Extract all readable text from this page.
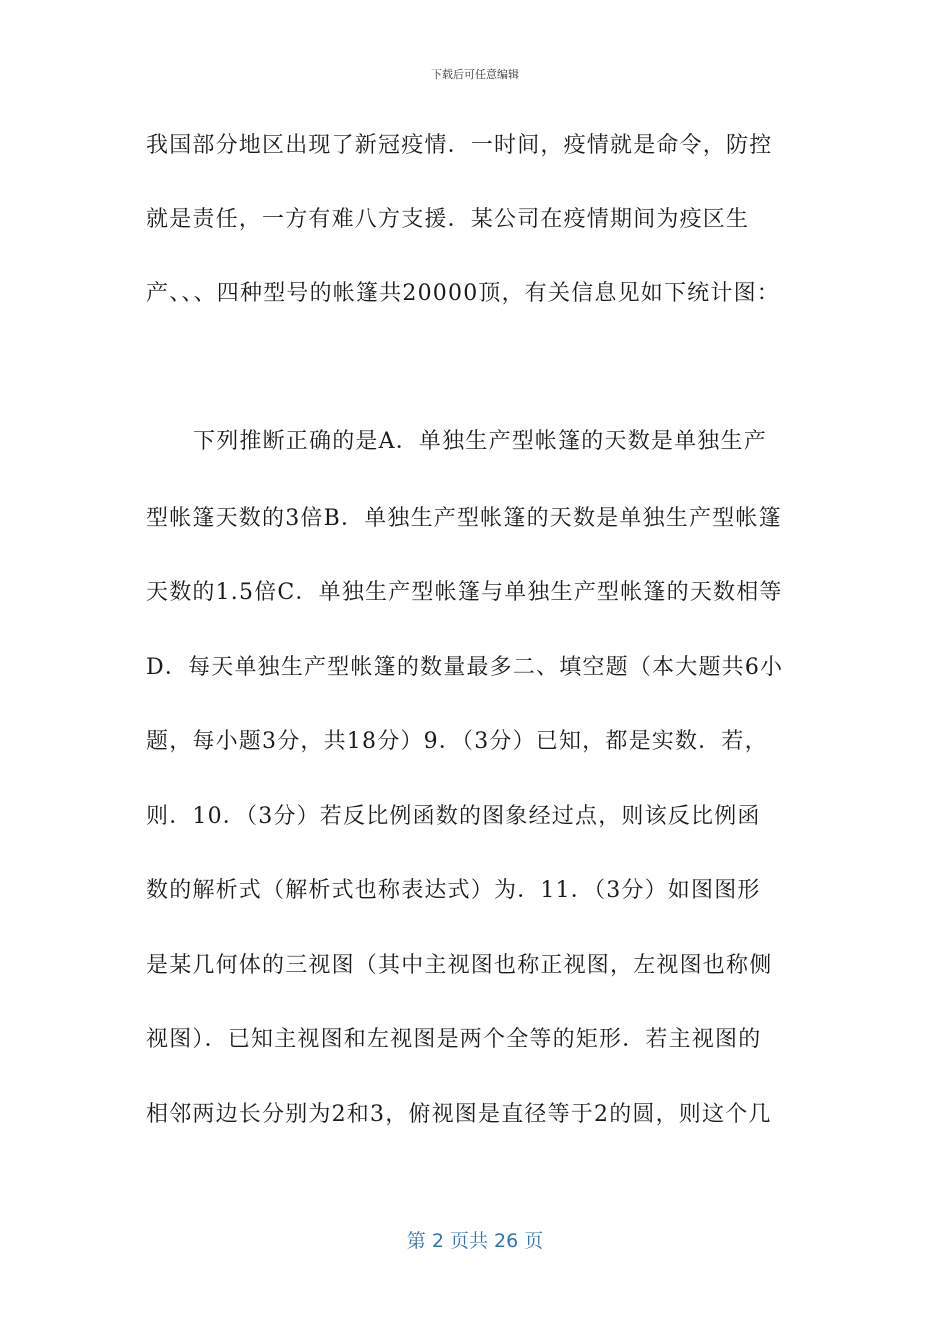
下载后可任意编辑
我国部分地区出现了新冠疫情．一时间，疫情就是命令，防控
就是责任，一方有难八方支援．某公司在疫情期间为疫区生
产、、、四种型号的帐篷共20000顶，有关信息见如下统计图：
下列推断正确的是A．单独生产型帐篷的天数是单独生产
型帐篷天数的3倍B．单独生产型帐篷的天数是单独生产型帐篷
天数的1.5倍C．单独生产型帐篷与单独生产型帐篷的天数相等
D．每天单独生产型帐篷的数量最多二、填空题（本大题共6小
题，每小题3分，共18分）9．（3分）已知，都是实数．若，
则．10．（3分）若反比例函数的图象经过点，则该反比例函
数的解析式（解析式也称表达式）为．11．（3分）如图图形
是某几何体的三视图（其中主视图也称正视图，左视图也称侧
视图）．已知主视图和左视图是两个全等的矩形．若主视图的
相邻两边长分别为2和3，俯视图是直径等于2的圆，则这个几
第 2 页共 26 页
